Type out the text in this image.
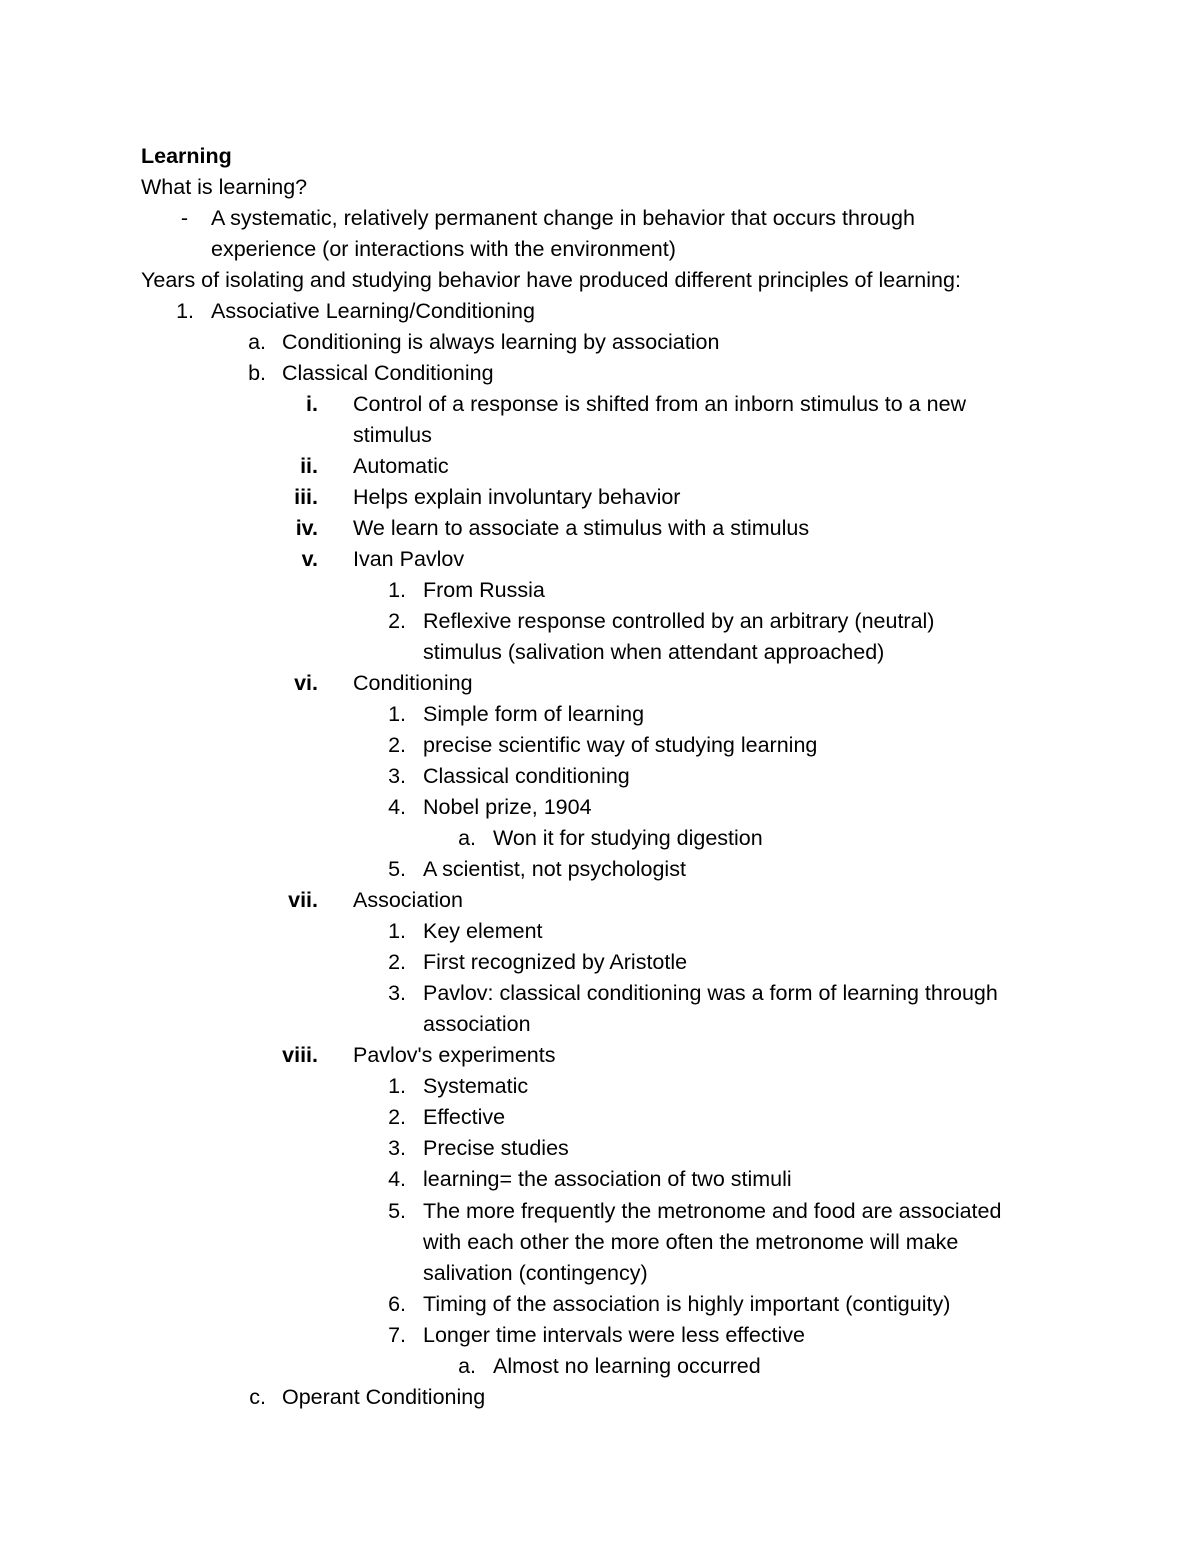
Learning
What is learning?
- A systematic, relatively permanent change in behavior that occurs through
experience (or interactions with the environment)
Years of isolating and studying behavior have produced different principles of learning:
1. Associative Learning/Conditioning
a. Conditioning is always learning by association
b. Classical Conditioning
i. Control of a response is shifted from an inborn stimulus to a new
stimulus
ii. Automatic
iii. Helps explain involuntary behavior
iv. We learn to associate a stimulus with a stimulus
v. Ivan Pavlov
1. From Russia
2. Reflexive response controlled by an arbitrary (neutral)
stimulus (salivation when attendant approached)
vi. Conditioning
1. Simple form of learning
2. precise scientific way of studying learning
3. Classical conditioning
4. Nobel prize, 1904
a. Won it for studying digestion
5. A scientist, not psychologist
vii. Association
1. Key element
2. First recognized by Aristotle
3. Pavlov: classical conditioning was a form of learning through
association
viii. Pavlov's experiments
1. Systematic
2. Effective
3. Precise studies
4. learning= the association of two stimuli
5. The more frequently the metronome and food are associated
with each other the more often the metronome will make
salivation (contingency)
6. Timing of the association is highly important (contiguity)
7. Longer time intervals were less effective
a. Almost no learning occurred
c. Operant Conditioning
